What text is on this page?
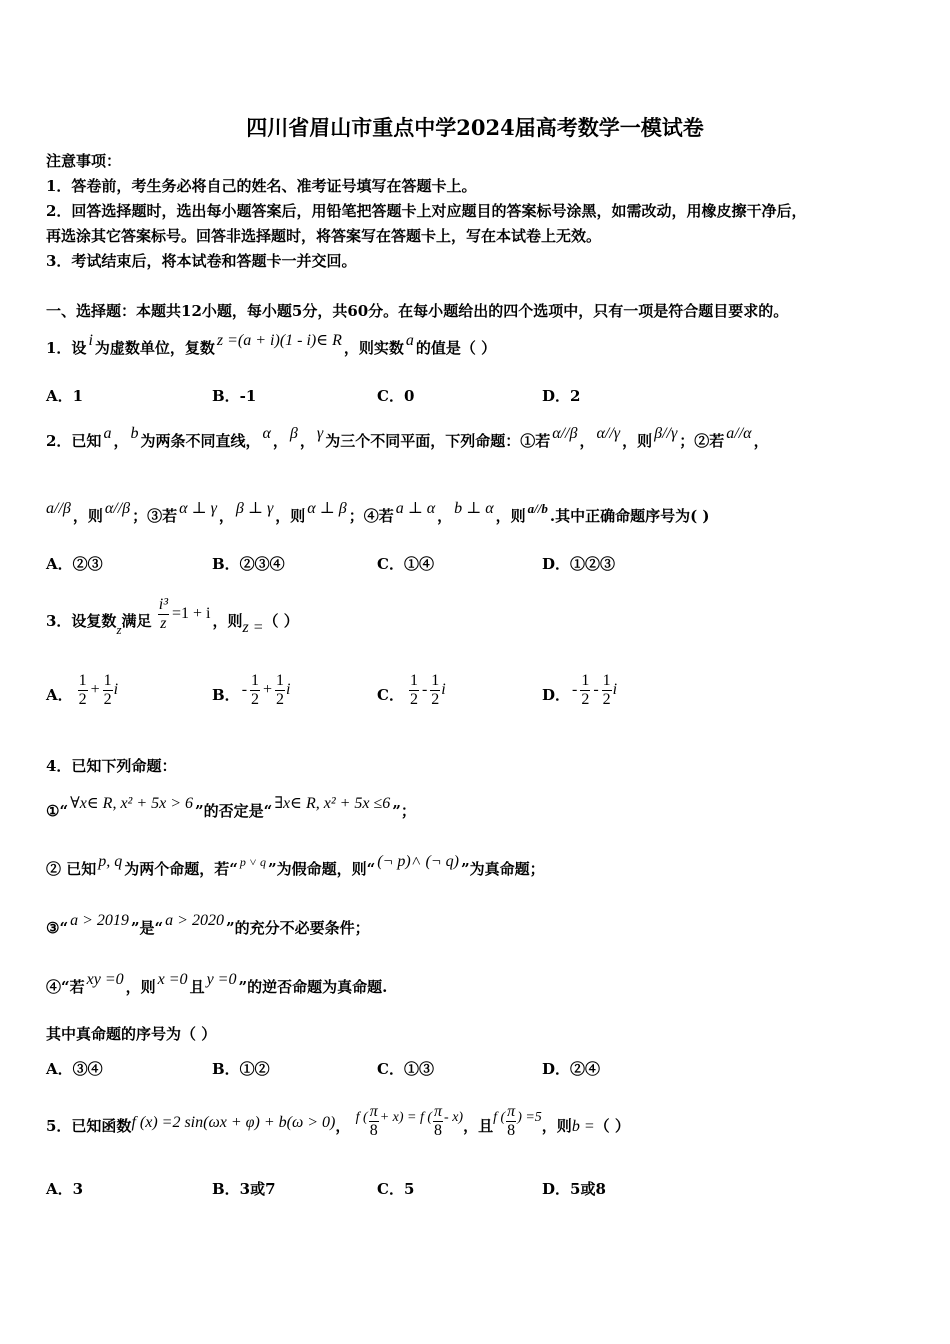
四川省眉山市重点中学2024届高考数学一模试卷
注意事项：
1．答卷前，考生务必将自己的姓名、准考证号填写在答题卡上。
2．回答选择题时，选出每小题答案后，用铅笔把答题卡上对应题目的答案标号涂黑，如需改动，用橡皮擦干净后，
再选涂其它答案标号。回答非选择题时，将答案写在答题卡上，写在本试卷上无效。
3．考试结束后，将本试卷和答题卡一并交回。
一、选择题：本题共12小题，每小题5分，共60分。在每小题给出的四个选项中，只有一项是符合题目要求的。
1．设 i 为虚数单位，复数 z =(a + i)(1 - i)∈ R ，则实数 a 的值是（ ）
A．1	B．-1	C．0	D．2
2．已知 a ， b 为两条不同直线， α ， β ， γ 为三个不同平面，下列命题：①若 α//β ， α//γ ，则 β//γ ；②若 a//α ，
a//β ，则 α//β ；③若 α ⊥ γ ， β ⊥ γ ，则 α ⊥ β ；④若 a ⊥ α ， b ⊥ α ，则 a//b .其中正确命题序号为( )
A．②③	B．②③④	C．①④	D．①②③
3．设复数z满足 $\frac{\text{i³}}{z} =1 + i$ ，则z =（ ）
A． $\frac{1}{2} + \frac{1}{2}$ i	B． - $\frac{1}{2} + \frac{1}{2}$ i	C． $\frac{1}{2} - \frac{1}{2}$ i	D． - $\frac{1}{2} - \frac{1}{2}$ i
4．已知下列命题：
①“ ∀x∈ R, x² + 5x > 6 ”的否定是“ ∃x∈ R, x² + 5x ≤6 ”；
② 已知 p, q 为两个命题，若“ $^{p ˅ q}$ ”为假命题，则“ (¬ p)˄ (¬ q) ”为真命题；
③“ a > 2019 ”是“ a > 2020 ”的充分不必要条件；
④“若 xy =0 ，则 x =0 且 y =0 ”的逆否命题为真命题.
其中真命题的序号为（ ）
A．③④	B．①②	C．①③	D．②④
5．已知函数f (x) =2 sin(ωx + φ) + b(ω > 0)， f ( $\frac{\pi}{8} + x) = f$ ( $\frac{\pi}{8} - x$)，且f ( $\frac{\pi}{8}$ ) =5，则b =（ ）
A．3	B．3或7	C．5	D．5或8
